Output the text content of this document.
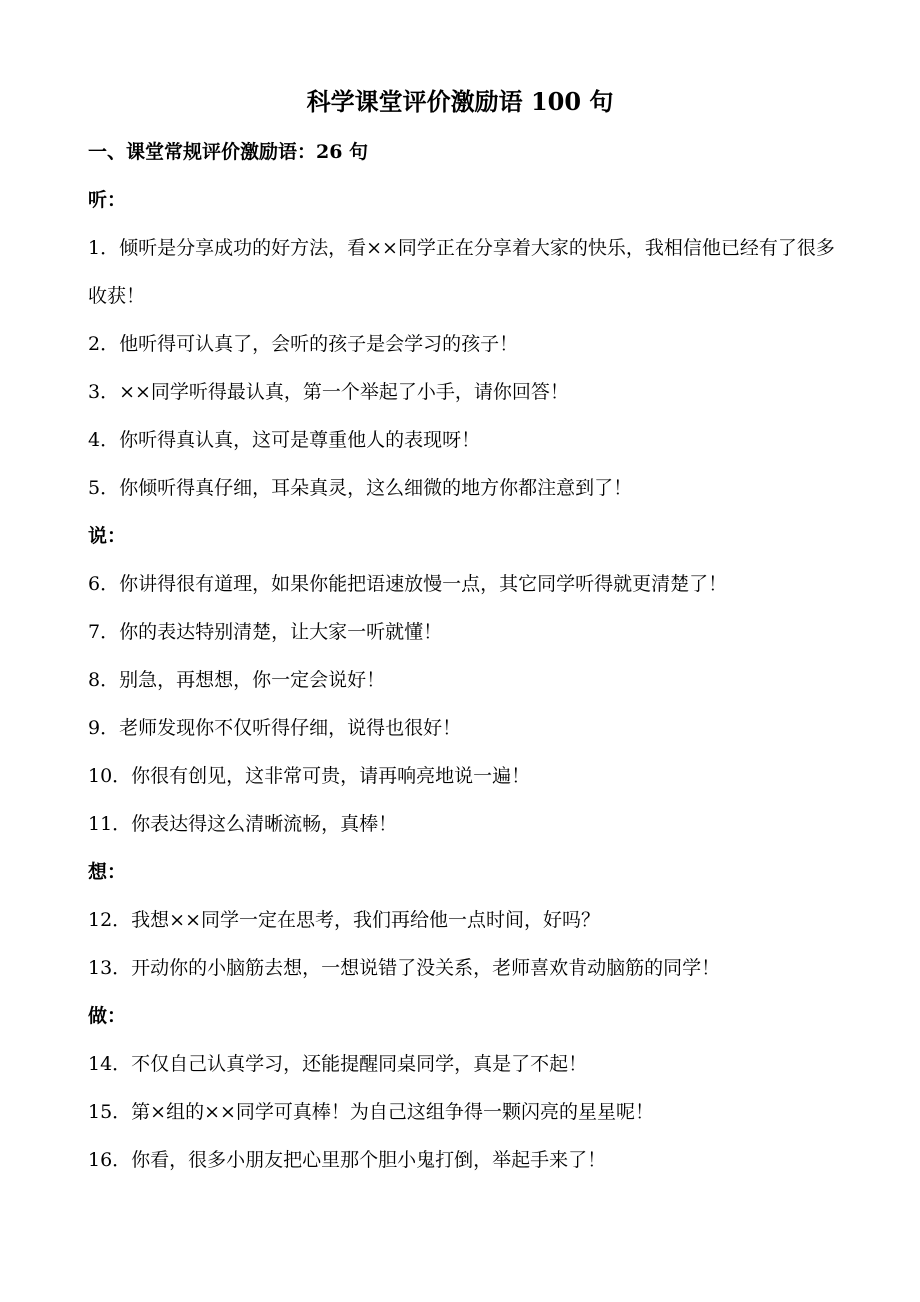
科学课堂评价激励语 100 句

一、课堂常规评价激励语：26 句

听：

1．倾听是分享成功的好方法，看××同学正在分享着大家的快乐，我相信他已经有了很多收获！

2．他听得可认真了，会听的孩子是会学习的孩子！

3．××同学听得最认真，第一个举起了小手，请你回答！

4．你听得真认真，这可是尊重他人的表现呀！

5．你倾听得真仔细，耳朵真灵，这么细微的地方你都注意到了！

说：

6．你讲得很有道理，如果你能把语速放慢一点，其它同学听得就更清楚了！

7．你的表达特别清楚，让大家一听就懂！

8．别急，再想想，你一定会说好！

9．老师发现你不仅听得仔细，说得也很好！

10．你很有创见，这非常可贵，请再响亮地说一遍！

11．你表达得这么清晰流畅，真棒！

想：

12．我想××同学一定在思考，我们再给他一点时间，好吗？

13．开动你的小脑筋去想，一想说错了没关系，老师喜欢肯动脑筋的同学！

做：

14．不仅自己认真学习，还能提醒同桌同学，真是了不起！

15．第×组的××同学可真棒！为自己这组争得一颗闪亮的星星呢！

16．你看，很多小朋友把心里那个胆小鬼打倒，举起手来了！
